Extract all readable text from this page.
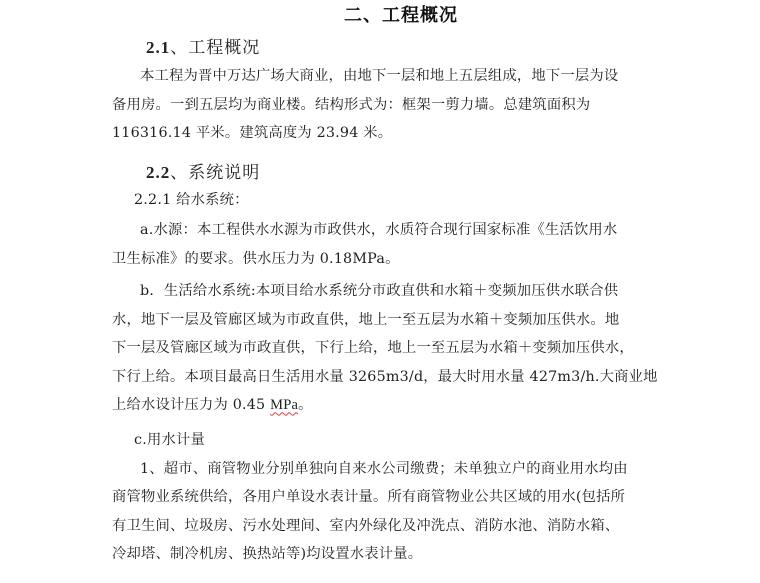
二、工程概况
2.1、工程概况
本工程为晋中万达广场大商业，由地下一层和地上五层组成，地下一层为设
备用房。一到五层均为商业楼。结构形式为：框架一剪力墙。总建筑面积为
116316.14 平米。建筑高度为 23.94 米。
2.2、系统说明
2.2.1 给水系统：
a.水源：本工程供水水源为市政供水，水质符合现行国家标准《生活饮用水
卫生标准》的要求。供水压力为 0.18MPa。
b．生活给水系统:本项目给水系统分市政直供和水箱＋变频加压供水联合供
水，地下一层及管廊区域为市政直供，地上一至五层为水箱＋变频加压供水。地
下一层及管廊区域为市政直供，下行上给，地上一至五层为水箱＋变频加压供水，
下行上给。本项目最高日生活用水量 3265m3/d，最大时用水量 427m3/h.大商业地
上给水设计压力为 0.45 MPa。
c.用水计量
1、超市、商管物业分别单独向自来水公司缴费；未单独立户的商业用水均由
商管物业系统供给，各用户单设水表计量。所有商管物业公共区域的用水(包括所
有卫生间、垃圾房、污水处理间、室内外绿化及冲洗点、消防水池、消防水箱、
冷却塔、制冷机房、换热站等)均设置水表计量。
